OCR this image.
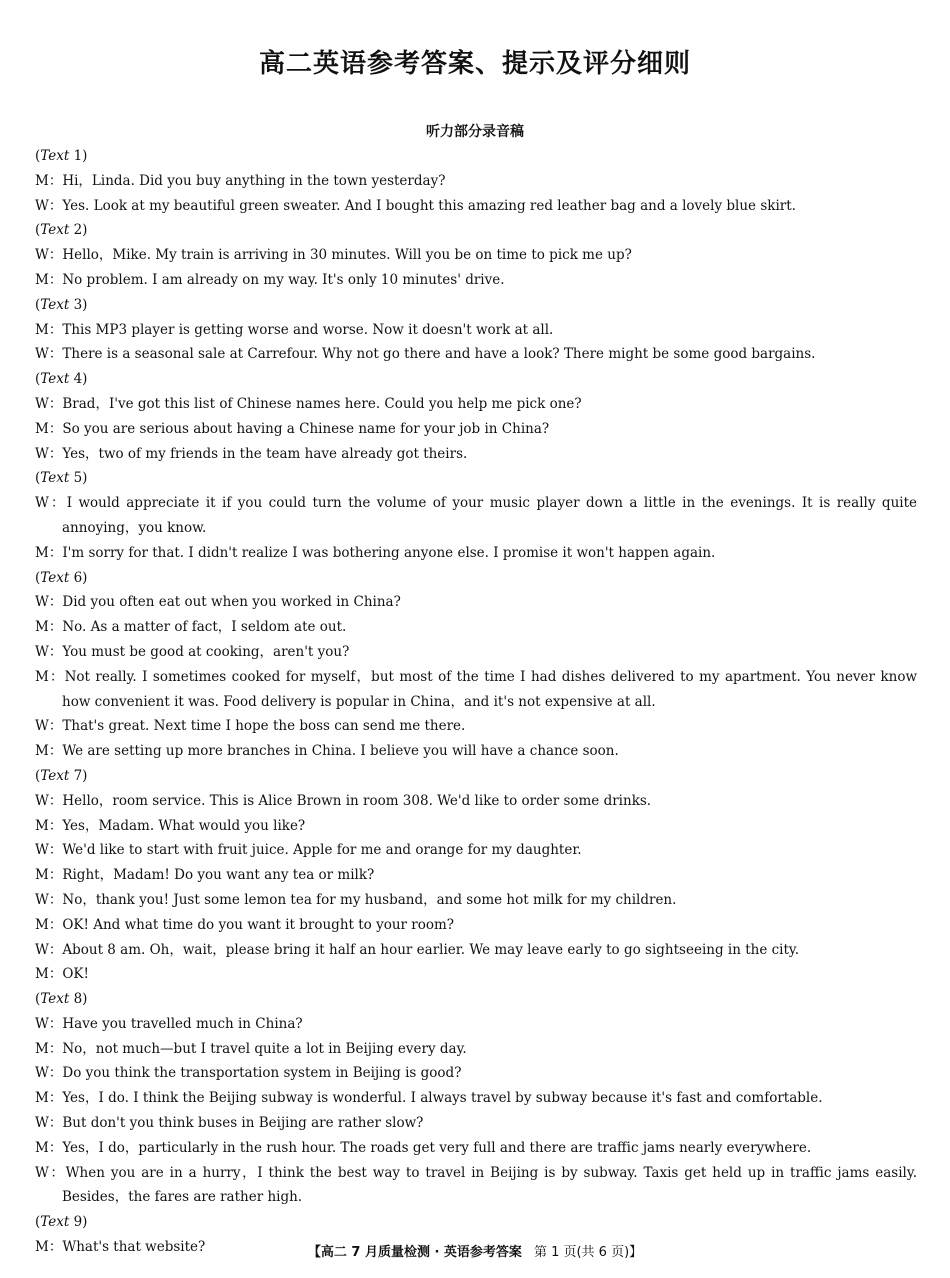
高二英语参考答案、提示及评分细则
听力部分录音稿
(Text 1)
M：Hi，Linda. Did you buy anything in the town yesterday?
W：Yes. Look at my beautiful green sweater. And I bought this amazing red leather bag and a lovely blue skirt.
(Text 2)
W：Hello，Mike. My train is arriving in 30 minutes. Will you be on time to pick me up?
M：No problem. I am already on my way. It's only 10 minutes' drive.
(Text 3)
M：This MP3 player is getting worse and worse. Now it doesn't work at all.
W：There is a seasonal sale at Carrefour. Why not go there and have a look? There might be some good bargains.
(Text 4)
W：Brad，I've got this list of Chinese names here. Could you help me pick one?
M：So you are serious about having a Chinese name for your job in China?
W：Yes，two of my friends in the team have already got theirs.
(Text 5)
W：I would appreciate it if you could turn the volume of your music player down a little in the evenings. It is really quite annoying，you know.
M：I'm sorry for that. I didn't realize I was bothering anyone else. I promise it won't happen again.
(Text 6)
W：Did you often eat out when you worked in China?
M：No. As a matter of fact，I seldom ate out.
W：You must be good at cooking，aren't you?
M：Not really. I sometimes cooked for myself，but most of the time I had dishes delivered to my apartment. You never know how convenient it was. Food delivery is popular in China，and it's not expensive at all.
W：That's great. Next time I hope the boss can send me there.
M：We are setting up more branches in China. I believe you will have a chance soon.
(Text 7)
W：Hello，room service. This is Alice Brown in room 308. We'd like to order some drinks.
M：Yes，Madam. What would you like?
W：We'd like to start with fruit juice. Apple for me and orange for my daughter.
M：Right，Madam! Do you want any tea or milk?
W：No，thank you! Just some lemon tea for my husband，and some hot milk for my children.
M：OK! And what time do you want it brought to your room?
W：About 8 am. Oh，wait，please bring it half an hour earlier. We may leave early to go sightseeing in the city.
M：OK!
(Text 8)
W：Have you travelled much in China?
M：No，not much—but I travel quite a lot in Beijing every day.
W：Do you think the transportation system in Beijing is good?
M：Yes，I do. I think the Beijing subway is wonderful. I always travel by subway because it's fast and comfortable.
W：But don't you think buses in Beijing are rather slow?
M：Yes，I do，particularly in the rush hour. The roads get very full and there are traffic jams nearly everywhere.
W：When you are in a hurry，I think the best way to travel in Beijing is by subway. Taxis get held up in traffic jams easily. Besides，the fares are rather high.
(Text 9)
M：What's that website?	【高二 7 月质量检测 · 英语参考答案 第 1 页(共 6 页)】
